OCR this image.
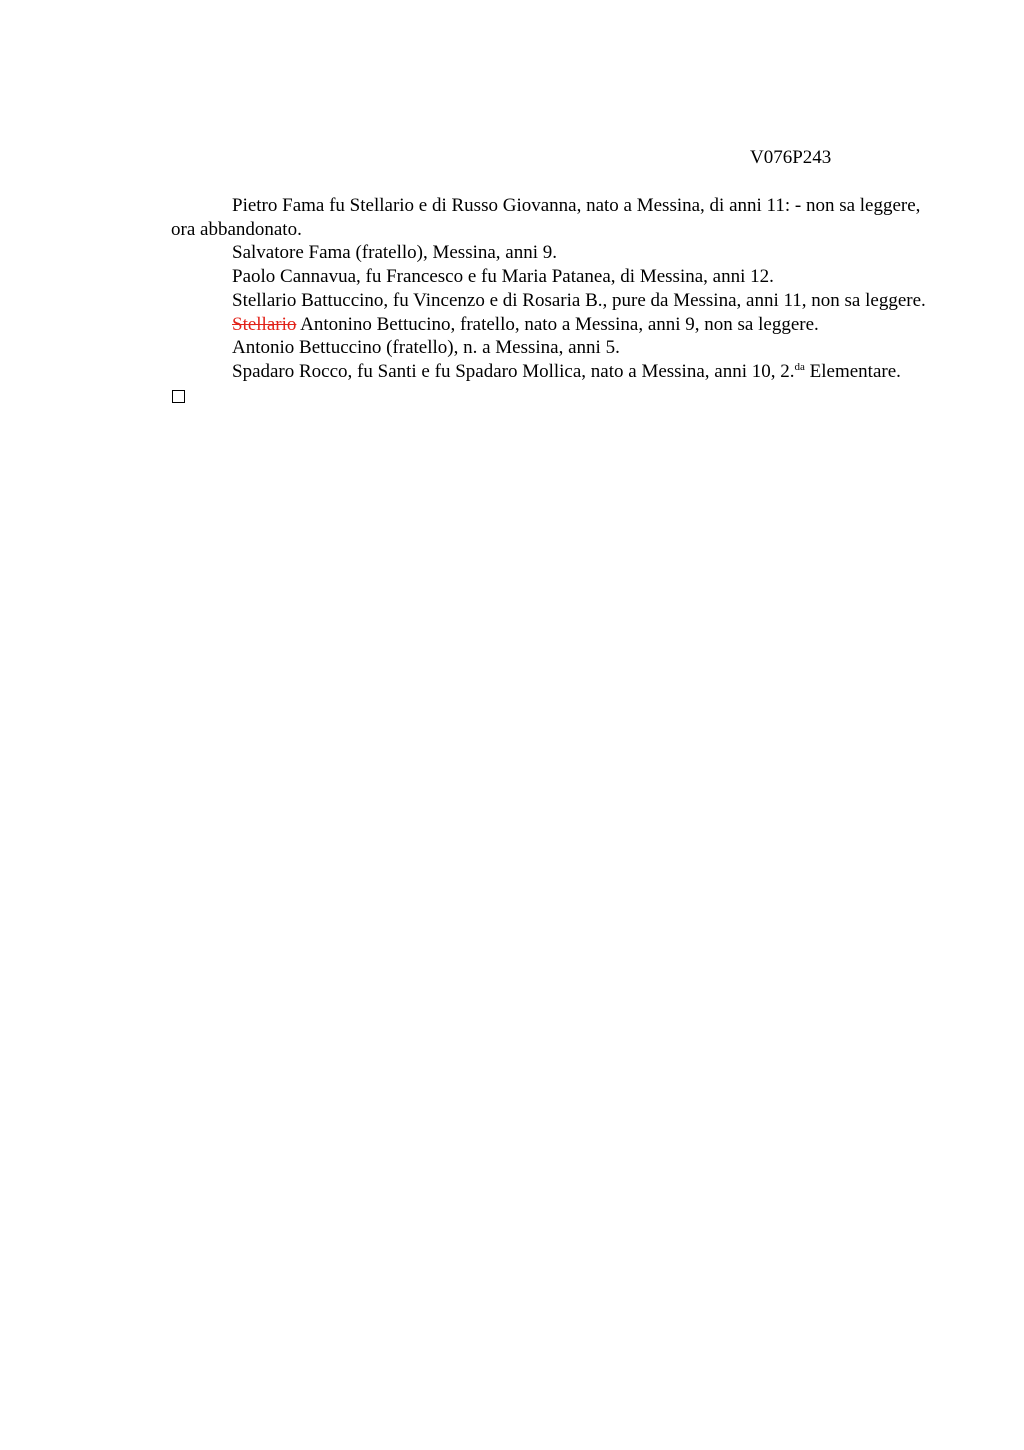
V076P243

Pietro Fama fu Stellario e di Russo Giovanna, nato a Messina, di anni 11: - non sa leggere, ora abbandonato.

Salvatore Fama (fratello), Messina, anni 9.

Paolo Cannavua, fu Francesco e fu Maria Patanea, di Messina, anni 12.

Stellario Battuccino, fu Vincenzo e di Rosaria B., pure da Messina, anni 11, non sa leggere.

Stellario Antonino Bettucino, fratello, nato a Messina, anni 9, non sa leggere.

Antonio Bettuccino (fratello), n. a Messina, anni 5.

Spadaro Rocco, fu Santi e fu Spadaro Mollica, nato a Messina, anni 10, 2.$^{da}$ Elementare.
